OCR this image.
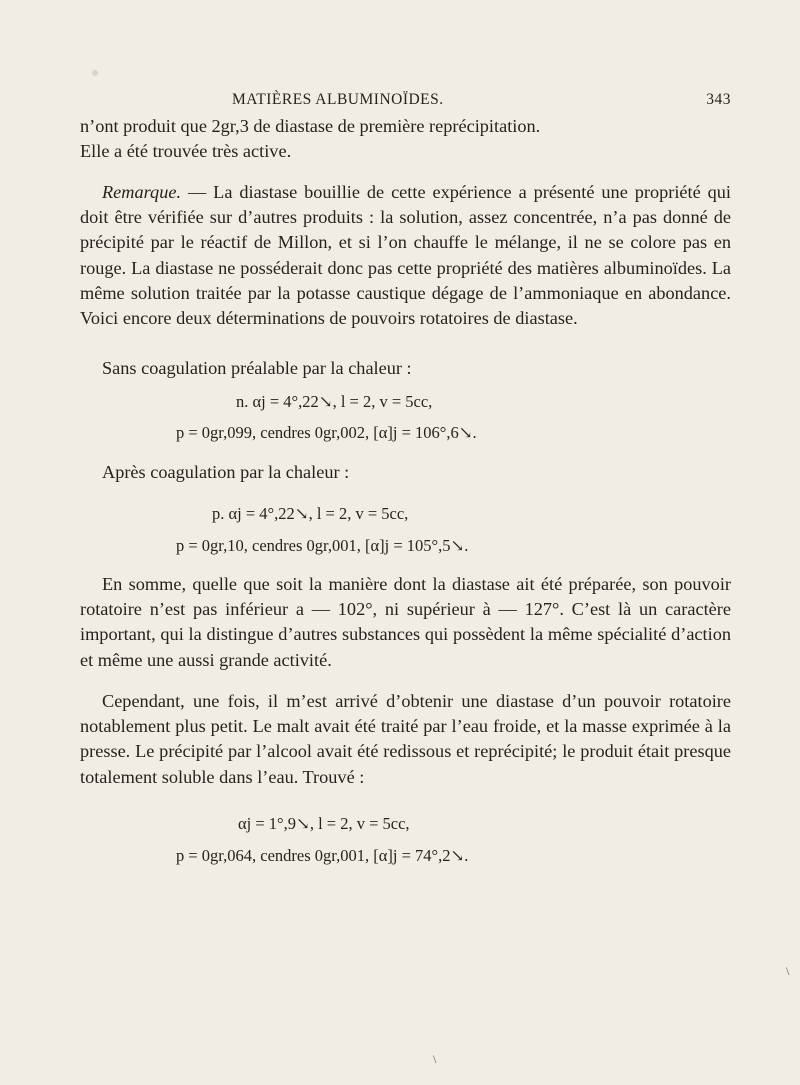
MATIÈRES ALBUMINOÏDES.	343

n’ont produit que 2gr,3 de diastase de première reprécipitation.

Elle a été trouvée très active.

Remarque. — La diastase bouillie de cette expérience a présenté une propriété qui doit être vérifiée sur d’autres produits : la solution, assez concentrée, n’a pas donné de précipité par le réactif de Millon, et si l’on chauffe le mélange, il ne se colore pas en rouge. La diastase ne posséderait donc pas cette propriété des matières albuminoïdes. La même solution traitée par la potasse caustique dégage de l’ammoniaque en abondance. Voici encore deux déterminations de pouvoirs rotatoires de diastase.

Sans coagulation préalable par la chaleur :

n. αj = 4°,22↘, l = 2, v = 5cc,
p = 0gr,099, cendres 0gr,002, [α]j = 106°,6↘.

Après coagulation par la chaleur :

p. αj = 4°,22↘, l = 2, v = 5cc,
p = 0gr,10, cendres 0gr,001, [α]j = 105°,5↘.

En somme, quelle que soit la manière dont la diastase ait été préparée, son pouvoir rotatoire n’est pas inférieur a — 102°, ni supérieur à — 127°. C’est là un caractère important, qui la distingue d’autres substances qui possèdent la même spécialité d’action et même une aussi grande activité.

Cependant, une fois, il m’est arrivé d’obtenir une diastase d’un pouvoir rotatoire notablement plus petit. Le malt avait été traité par l’eau froide, et la masse exprimée à la presse. Le précipité par l’alcool avait été redissous et reprécipité; le produit était presque totalement soluble dans l’eau. Trouvé :

αj = 1°,9↘, l = 2, v = 5cc,
p = 0gr,064, cendres 0gr,001, [α]j = 74°,2↘.
\
\
